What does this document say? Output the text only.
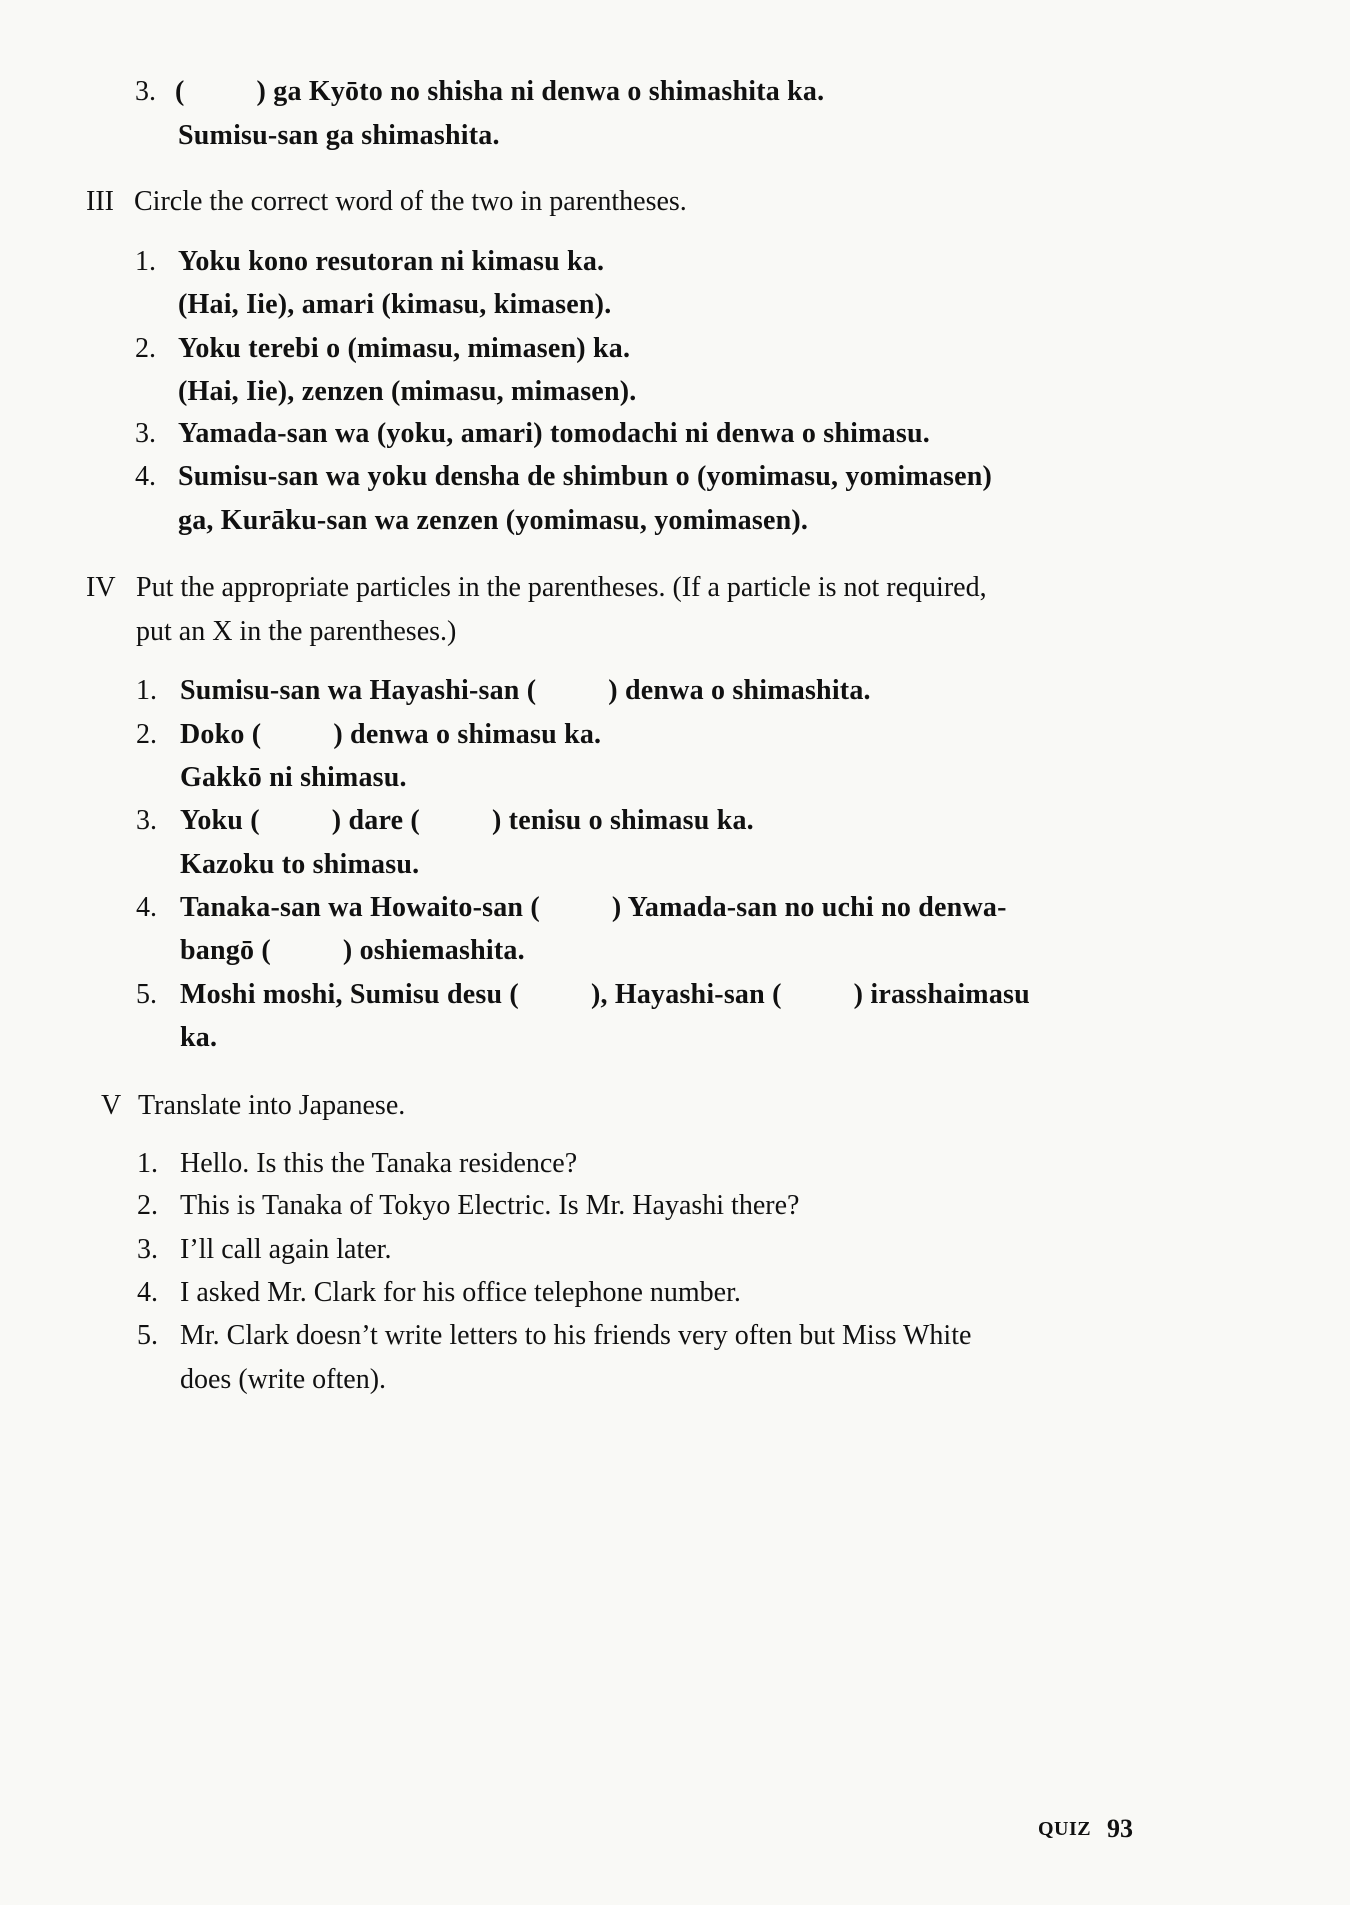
3. (          ) ga Kyōto no shisha ni denwa o shimashita ka.
Sumisu-san ga shimashita.
III Circle the correct word of the two in parentheses.
1. Yoku kono resutoran ni kimasu ka.
(Hai, Iie), amari (kimasu, kimasen).
2. Yoku terebi o (mimasu, mimasen) ka.
(Hai, Iie), zenzen (mimasu, mimasen).
3. Yamada-san wa (yoku, amari) tomodachi ni denwa o shimasu.
4. Sumisu-san wa yoku densha de shimbun o (yomimasu, yomimasen)
ga, Kurāku-san wa zenzen (yomimasu, yomimasen).
IV Put the appropriate particles in the parentheses. (If a particle is not required,
put an X in the parentheses.)
1. Sumisu-san wa Hayashi-san (          ) denwa o shimashita.
2. Doko (          ) denwa o shimasu ka.
Gakkō ni shimasu.
3. Yoku (          ) dare (          ) tenisu o shimasu ka.
Kazoku to shimasu.
4. Tanaka-san wa Howaito-san (          ) Yamada-san no uchi no denwa-
bangō (          ) oshiemashita.
5. Moshi moshi, Sumisu desu (          ), Hayashi-san (          ) irasshaimasu
ka.
V Translate into Japanese.
1. Hello. Is this the Tanaka residence?
2. This is Tanaka of Tokyo Electric. Is Mr. Hayashi there?
3. I’ll call again later.
4. I asked Mr. Clark for his office telephone number.
5. Mr. Clark doesn’t write letters to his friends very often but Miss White
does (write often).
QUIZ 93
